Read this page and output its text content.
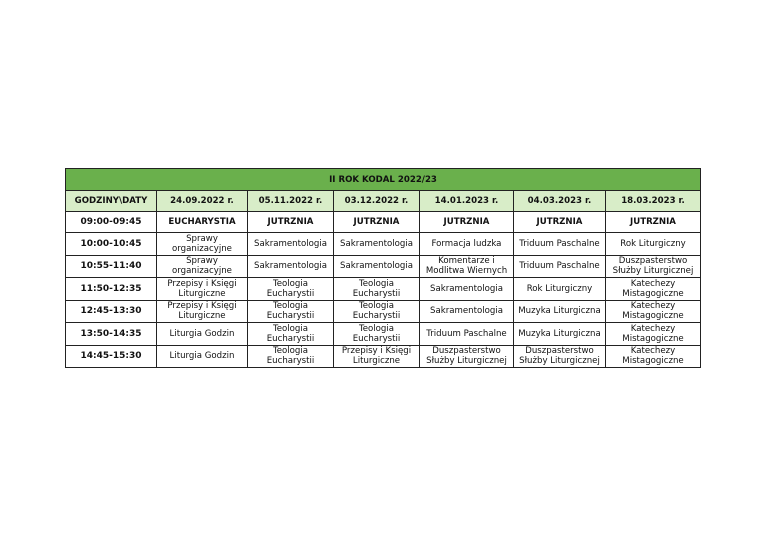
II ROK KODAL 2022/23						
GODZINY\DATY	24.09.2022 r.	05.11.2022 r.	03.12.2022 r.	14.01.2023 r.	04.03.2023 r.	18.03.2023 r.
09:00-09:45	EUCHARYSTIA	JUTRZNIA	JUTRZNIA	JUTRZNIA	JUTRZNIA	JUTRZNIA
10:00-10:45	Sprawy organizacyjne	Sakramentologia	Sakramentologia	Formacja ludzka	Triduum Paschalne	Rok Liturgiczny
10:55-11:40	Sprawy organizacyjne	Sakramentologia	Sakramentologia	Komentarze i Modlitwa Wiernych	Triduum Paschalne	Duszpasterstwo Służby Liturgicznej
11:50-12:35	Przepisy i Księgi Liturgiczne	Teologia Eucharystii	Teologia Eucharystii	Sakramentologia	Rok Liturgiczny	Katechezy Mistagogiczne
12:45-13:30	Przepisy i Księgi Liturgiczne	Teologia Eucharystii	Teologia Eucharystii	Sakramentologia	Muzyka Liturgiczna	Katechezy Mistagogiczne
13:50-14:35	Liturgia Godzin	Teologia Eucharystii	Teologia Eucharystii	Triduum Paschalne	Muzyka Liturgiczna	Katechezy Mistagogiczne
14:45-15:30	Liturgia Godzin	Teologia Eucharystii	Przepisy i Księgi Liturgiczne	Duszpasterstwo Służby Liturgicznej	Duszpasterstwo Służby Liturgicznej	Katechezy Mistagogiczne
